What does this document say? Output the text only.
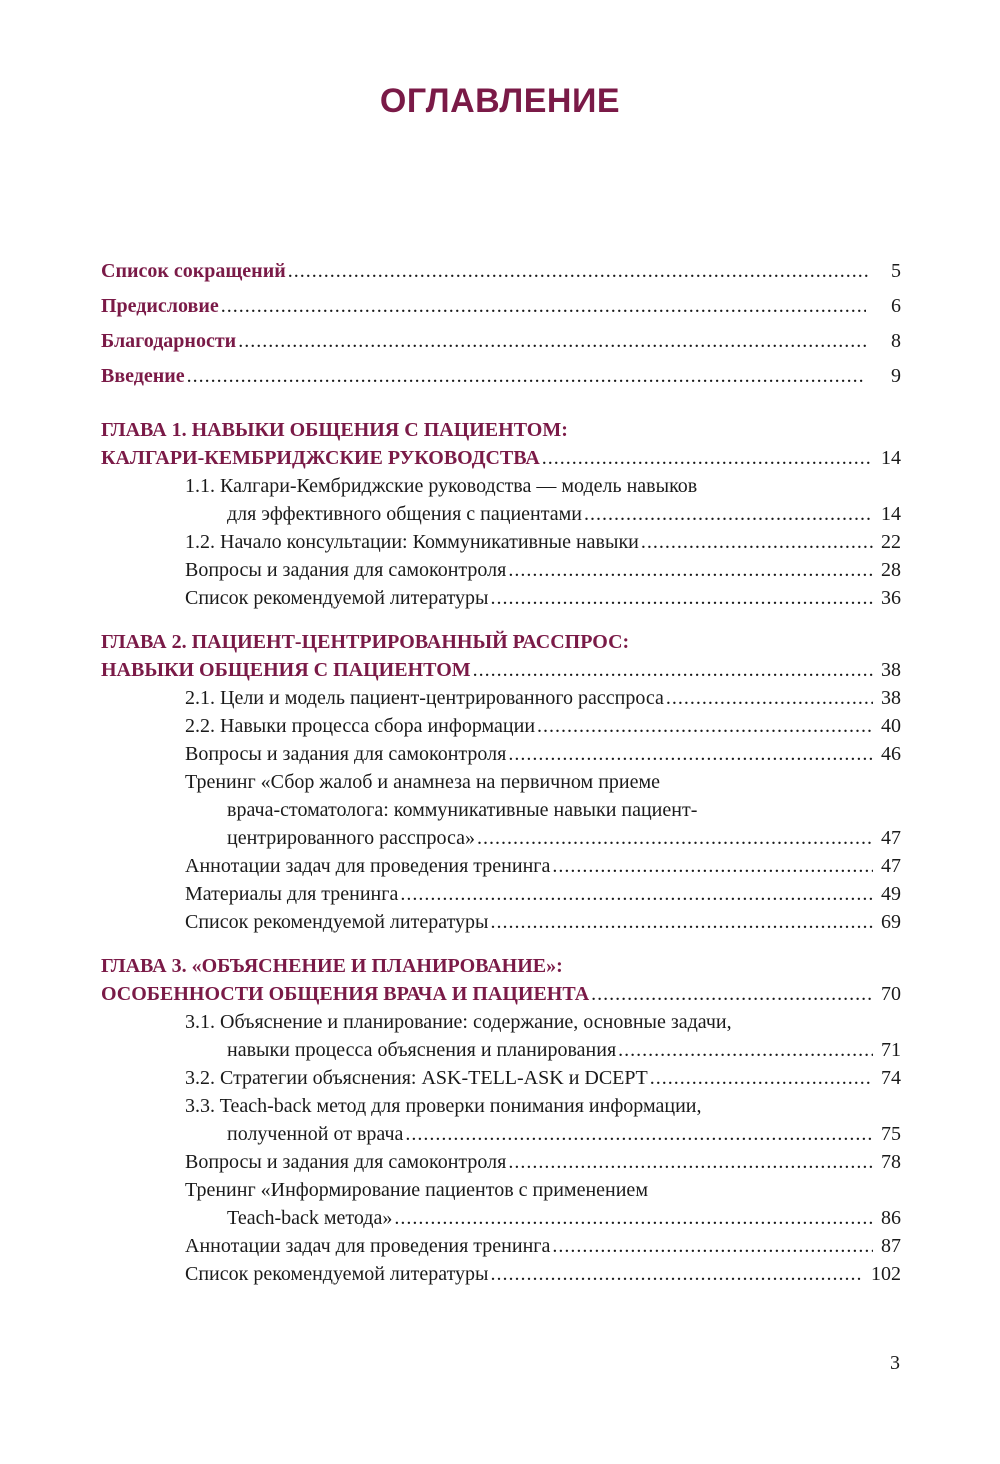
ОГЛАВЛЕНИЕ
Список сокращений .....	5
Предисловие .....	6
Благодарности .....	8
Введение .....	9
ГЛАВА 1. НАВЫКИ ОБЩЕНИЯ С ПАЦИЕНТОМ:
КАЛГАРИ-КЕМБРИДЖСКИЕ РУКОВОДСТВА .....	14
1.1. Калгари-Кембриджские руководства — модель навыков
для эффективного общения с пациентами .....	14
1.2. Начало консультации: Коммуникативные навыки .....	22
Вопросы и задания для самоконтроля .....	28
Список рекомендуемой литературы .....	36
ГЛАВА 2. ПАЦИЕНТ-ЦЕНТРИРОВАННЫЙ РАССПРОС:
НАВЫКИ ОБЩЕНИЯ С ПАЦИЕНТОМ .....	38
2.1. Цели и модель пациент-центрированного расспроса .....	38
2.2. Навыки процесса сбора информации .....	40
Вопросы и задания для самоконтроля .....	46
Тренинг «Сбор жалоб и анамнеза на первичном приеме
врача-стоматолога: коммуникативные навыки пациент-
центрированного расспроса» .....	47
Аннотации задач для проведения тренинга .....	47
Материалы для тренинга .....	49
Список рекомендуемой литературы .....	69
ГЛАВА 3. «ОБЪЯСНЕНИЕ И ПЛАНИРОВАНИЕ»:
ОСОБЕННОСТИ ОБЩЕНИЯ ВРАЧА И ПАЦИЕНТА .....	70
3.1. Объяснение и планирование: содержание, основные задачи,
навыки процесса объяснения и планирования .....	71
3.2. Стратегии объяснения: ASK-TELL-ASK и DCEPT .....	74
3.3. Teach-back метод для проверки понимания информации,
полученной от врача .....	75
Вопросы и задания для самоконтроля .....	78
Тренинг «Информирование пациентов с применением
Teach-back метода» .....	86
Аннотации задач для проведения тренинга .....	87
Список рекомендуемой литературы .....	102
3
